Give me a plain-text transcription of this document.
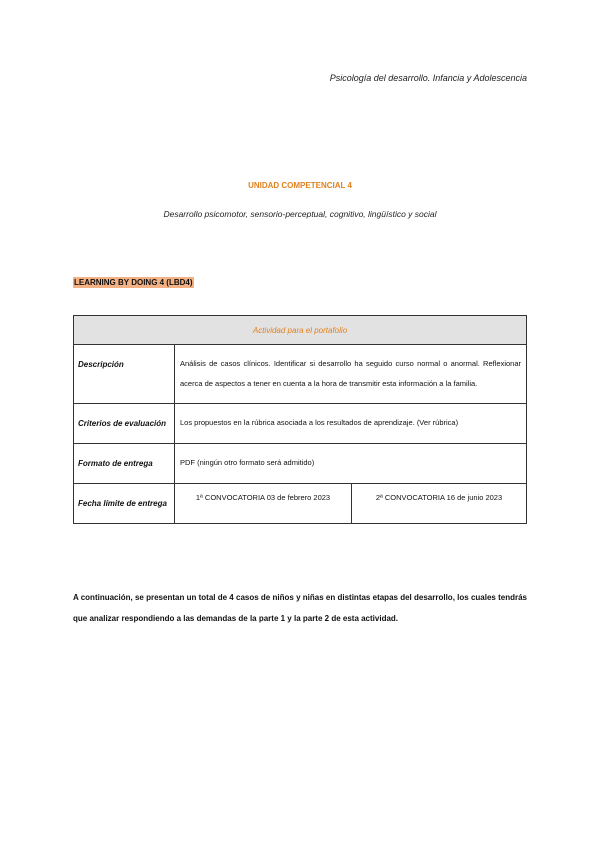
Psicología del desarrollo. Infancia y Adolescencia
UNIDAD COMPETENCIAL 4
Desarrollo psicomotor, sensorio-perceptual, cognitivo, lingüístico y social
LEARNING BY DOING 4 (LBD4)
Actividad para el portafolio		
Descripción	Análisis de casos clínicos. Identificar si desarrollo ha seguido curso normal o anormal. Reflexionar acerca de aspectos a tener en cuenta a la hora de transmitir esta información a la familia.	
Criterios de evaluación	Los propuestos en la rúbrica asociada a los resultados de aprendizaje. (Ver rúbrica)	
Formato de entrega	PDF (ningún otro formato será admitido)	
Fecha límite de entrega	1ª CONVOCATORIA 03 de febrero 2023	2ª CONVOCATORIA 16 de junio 2023
A continuación, se presentan un total de 4 casos de niños y niñas en distintas etapas del desarrollo, los cuales tendrás que analizar respondiendo a las demandas de la parte 1 y la parte 2 de esta actividad.
